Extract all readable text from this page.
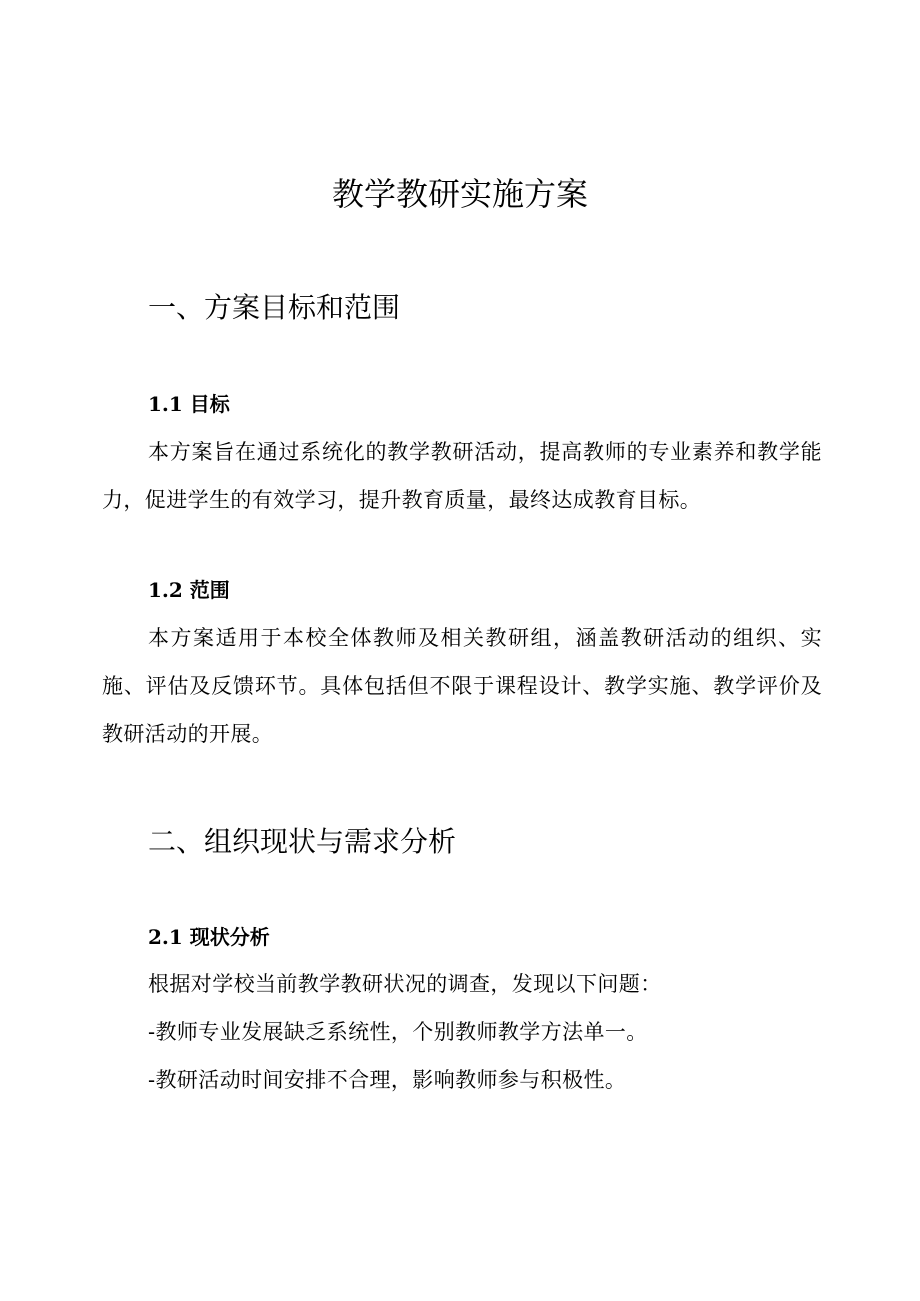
教学教研实施方案
一、方案目标和范围
1.1 目标

本方案旨在通过系统化的教学教研活动，提高教师的专业素养和教学能力，促进学生的有效学习，提升教育质量，最终达成教育目标。

1.2 范围

本方案适用于本校全体教师及相关教研组，涵盖教研活动的组织、实施、评估及反馈环节。具体包括但不限于课程设计、教学实施、教学评价及教研活动的开展。

二、组织现状与需求分析
2.1 现状分析

根据对学校当前教学教研状况的调查，发现以下问题：

-教师专业发展缺乏系统性，个别教师教学方法单一。

-教研活动时间安排不合理，影响教师参与积极性。
